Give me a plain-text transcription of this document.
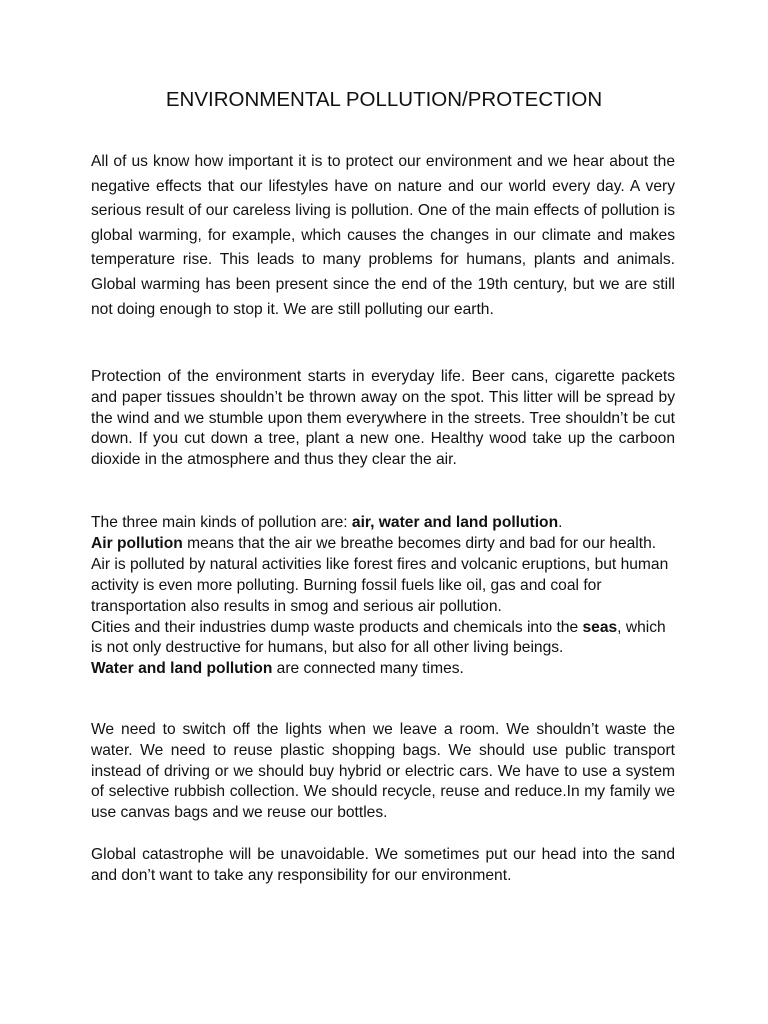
ENVIRONMENTAL POLLUTION/PROTECTION

All of us know how important it is to protect our environment and we hear about the negative effects that our lifestyles have on nature and our world every day. A very serious result of our careless living is pollution. One of the main effects of pollution is global warming, for example, which causes the changes in our climate and makes temperature rise. This leads to many problems for humans, plants and animals. Global warming has been present since the end of the 19th century, but we are still not doing enough to stop it. We are still polluting our earth.

Protection of the environment starts in everyday life. Beer cans, cigarette packets and paper tissues shouldn’t be thrown away on the spot. This litter will be spread by the wind and we stumble upon them everywhere in the streets. Tree shouldn’t be cut down. If you cut down a tree, plant a new one. Healthy wood take up the carboon dioxide in the atmosphere and thus they clear the air.

The three main kinds of pollution are: air, water and land pollution.
Air pollution means that the air we breathe becomes dirty and bad for our health. Air is polluted by natural activities like forest fires and volcanic eruptions, but human activity is even more polluting. Burning fossil fuels like oil, gas and coal for transportation also results in smog and serious air pollution.
Cities and their industries dump waste products and chemicals into the seas, which is not only destructive for humans, but also for all other living beings.
Water and land pollution are connected many times.

We need to switch off the lights when we leave a room. We shouldn’t waste the water. We need to reuse plastic shopping bags. We should use public transport instead of driving or we should buy hybrid or electric cars. We have to use a system of selective rubbish collection. We should recycle, reuse and reduce.In my family we use canvas bags and we reuse our bottles.

Global catastrophe will be unavoidable. We sometimes put our head into the sand and don’t want to take any responsibility for our environment.
